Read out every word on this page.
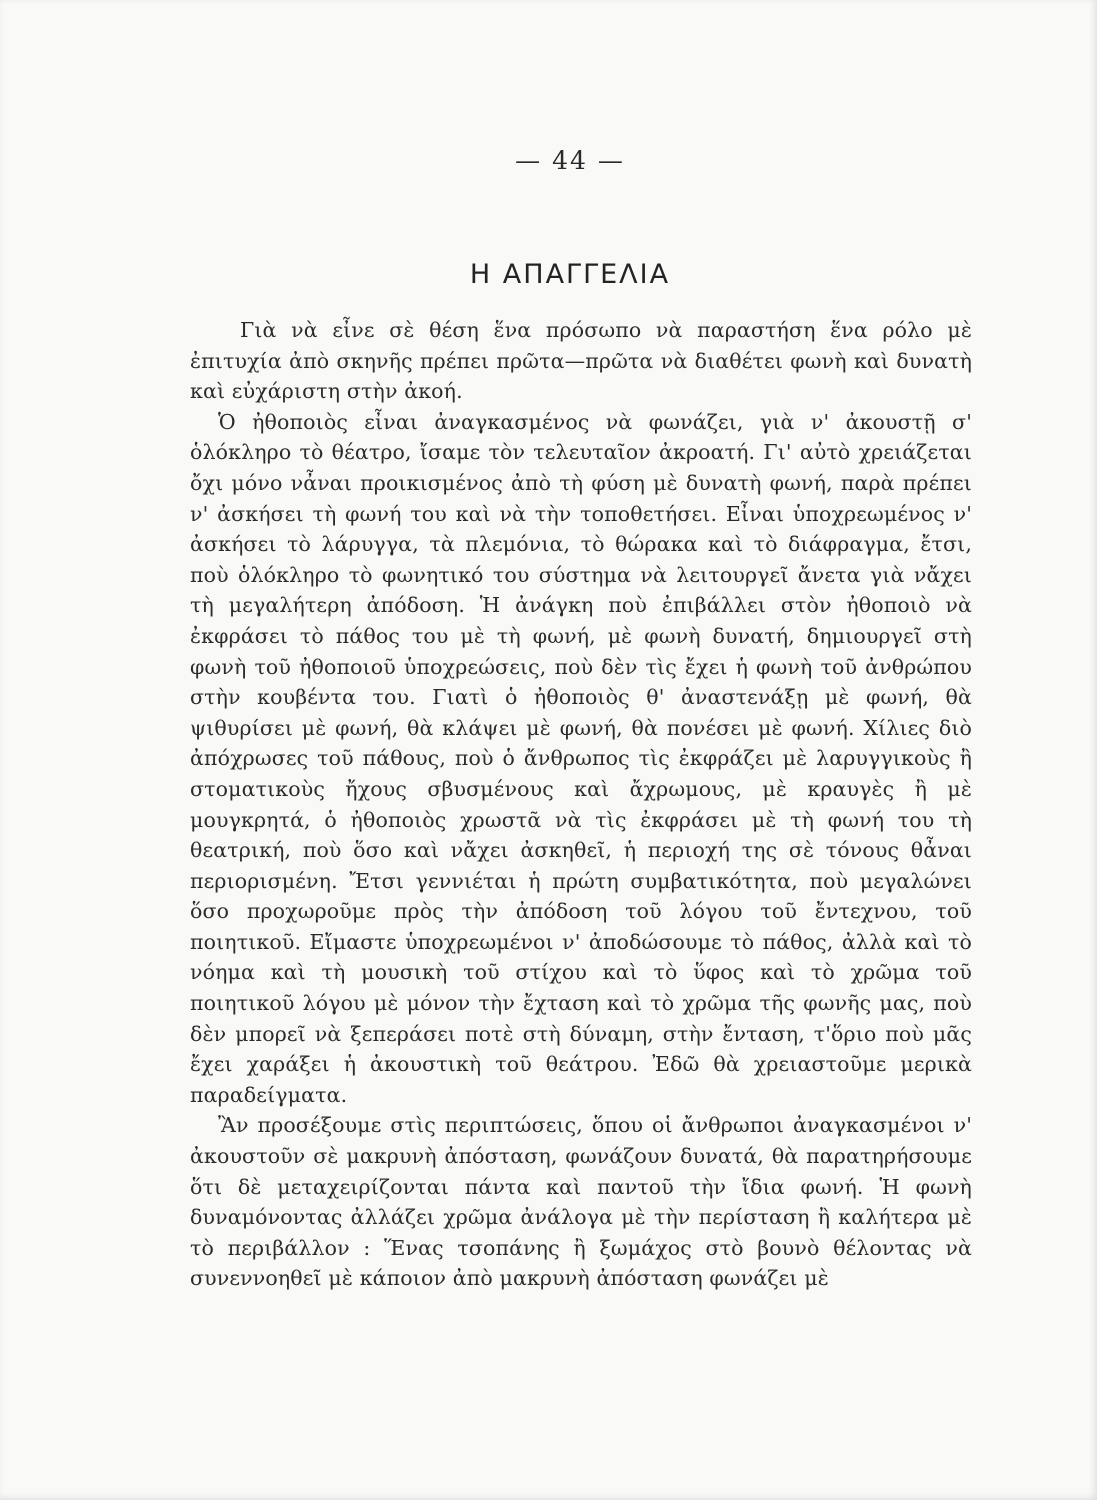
— 44 —
Η ΑΠΑΓΓΕΛΙΑ

Γιὰ νὰ εἶνε σὲ θέση ἕνα πρόσωπο νὰ παραστήση ἕνα ρόλο μὲ ἐπιτυχία ἀπὸ σκηνῆς πρέπει πρῶτα—πρῶτα νὰ διαθέτει φωνὴ καὶ δυνατὴ καὶ εὐχάριστη στὴν ἀκοή.

Ὁ ἠθοποιὸς εἶναι ἀναγκασμένος νὰ φωνάζει, γιὰ ν' ἀκουστῇ σ' ὁλόκληρο τὸ θέατρο, ἴσαμε τὸν τελευταῖον ἀκροατή. Γι' αὐτὸ χρειάζεται ὄχι μόνο νἆναι προικισμένος ἀπὸ τὴ φύση μὲ δυνατὴ φωνή, παρὰ πρέπει ν' ἀσκήσει τὴ φωνή του καὶ νὰ τὴν τοποθετήσει. Εἶναι ὑποχρεωμένος ν' ἀσκήσει τὸ λάρυγγα, τὰ πλεμόνια, τὸ θώρακα καὶ τὸ διάφραγμα, ἔτσι, ποὺ ὁλόκληρο τὸ φωνητικό του σύστημα νὰ λειτουργεῖ ἄνετα γιὰ νἄχει τὴ μεγαλήτερη ἀπόδοση. Ἡ ἀνάγκη ποὺ ἐπιβάλλει στὸν ἠθοποιὸ νὰ ἐκφράσει τὸ πάθος του μὲ τὴ φωνή, μὲ φωνὴ δυνατή, δημιουργεῖ στὴ φωνὴ τοῦ ἠθοποιοῦ ὑποχρεώσεις, ποὺ δὲν τὶς ἔχει ἡ φωνὴ τοῦ ἀνθρώπου στὴν κουβέντα του. Γιατὶ ὁ ἠθοποιὸς θ' ἀναστενάξῃ μὲ φωνή, θὰ ψιθυρίσει μὲ φωνή, θὰ κλάψει μὲ φωνή, θὰ πονέσει μὲ φωνή. Χίλιες διὸ ἀπόχρωσες τοῦ πάθους, ποὺ ὁ ἄνθρωπος τὶς ἐκφράζει μὲ λαρυγγικοὺς ἢ στοματικοὺς ἤχους σβυσμένους καὶ ἄχρωμους, μὲ κραυγὲς ἢ μὲ μουγκρητά, ὁ ἠθοποιὸς χρωστᾶ νὰ τὶς ἐκφράσει μὲ τὴ φωνή του τὴ θεατρική, ποὺ ὅσο καὶ νἄχει ἀσκηθεῖ, ἡ περιοχή της σὲ τόνους θἆναι περιορισμένη. Ἔτσι γεννιέται ἡ πρώτη συμβατικότητα, ποὺ μεγαλώνει ὅσο προχωροῦμε πρὸς τὴν ἀπόδοση τοῦ λόγου τοῦ ἔντεχνου, τοῦ ποιητικοῦ. Εἴμαστε ὑποχρεωμένοι ν' ἀποδώσουμε τὸ πάθος, ἀλλὰ καὶ τὸ νόημα καὶ τὴ μουσικὴ τοῦ στίχου καὶ τὸ ὕφος καὶ τὸ χρῶμα τοῦ ποιητικοῦ λόγου μὲ μόνον τὴν ἔχταση καὶ τὸ χρῶμα τῆς φωνῆς μας, ποὺ δὲν μπορεῖ νὰ ξεπεράσει ποτὲ στὴ δύναμη, στὴν ἔνταση, τ'ὅριο ποὺ μᾶς ἔχει χαράξει ἡ ἀκουστικὴ τοῦ θεάτρου. Ἐδῶ θὰ χρειαστοῦμε μερικὰ παραδείγματα.

Ἂν προσέξουμε στὶς περιπτώσεις, ὅπου οἱ ἄνθρωποι ἀναγκασμένοι ν' ἀκουστοῦν σὲ μακρυνὴ ἀπόσταση, φωνάζουν δυνατά, θὰ παρατηρήσουμε ὅτι δὲ μεταχειρίζονται πάντα καὶ παντοῦ τὴν ἴδια φωνή. Ἡ φωνὴ δυναμόνοντας ἀλλάζει χρῶμα ἀνάλογα μὲ τὴν περίσταση ἢ καλήτερα μὲ τὸ περιβάλλον : Ἕνας τσοπάνης ἢ ξωμάχος στὸ βουνὸ θέλοντας νὰ συνεννοηθεῖ μὲ κάποιον ἀπὸ μακρυνὴ ἀπόσταση φωνάζει μὲ
